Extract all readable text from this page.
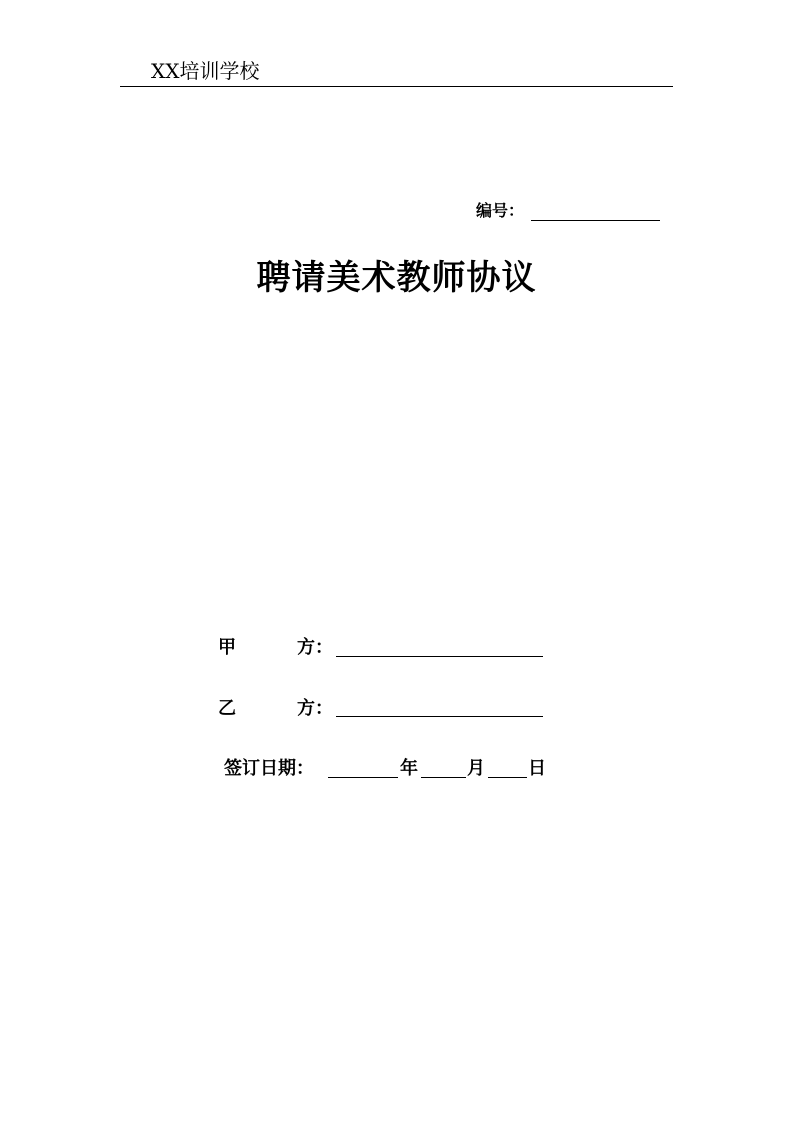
XX培训学校
编号：
聘请美术教师协议
甲	方：
乙	方：
签订日期：	年	月 日
